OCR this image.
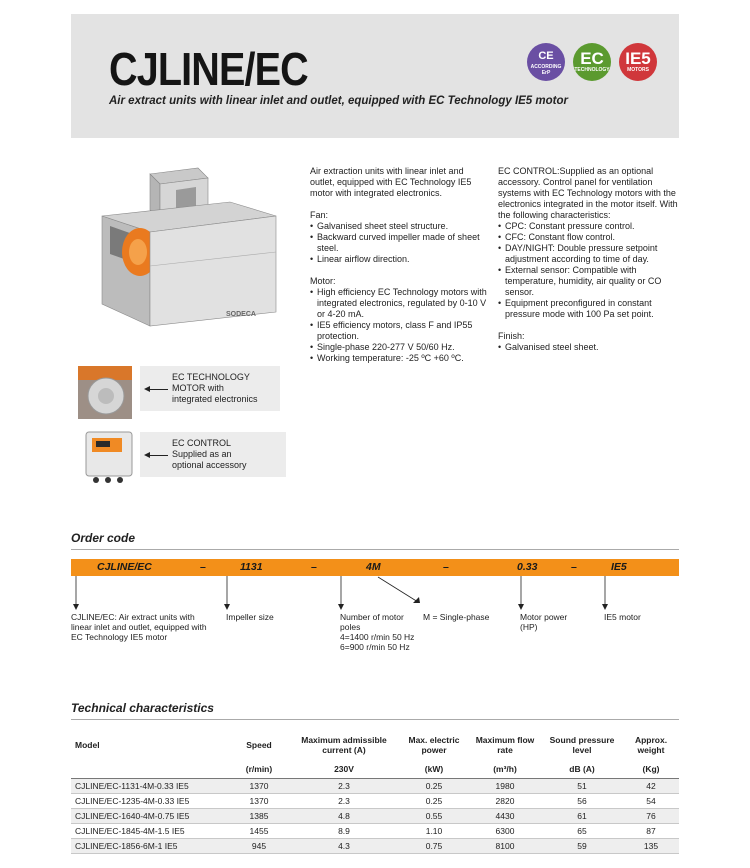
CJLINE/EC
Air extract units with linear inlet and outlet, equipped with EC Technology IE5 motor
CE
ACCORDING
ErP
EC
TECHNOLOGY
IE5
MOTORS
SODECA
EC TECHNOLOGY
MOTOR with
integrated electronics
EC CONTROL
Supplied as an
optional accessory

Air extraction units with linear inlet and outlet, equipped with EC Technology IE5 motor with integrated electronics.

Fan:

• Galvanised sheet steel structure.
• Backward curved impeller made of sheet steel.
• Linear airflow direction.

Motor:

• High efficiency EC Technology motors with integrated electronics, regulated by 0-10 V or 4-20 mA.
• IE5 efficiency motors, class F and IP55 protection.
• Single-phase 220-277 V 50/60 Hz.
• Working temperature: -25 ºC +60 ºC.

EC CONTROL:Supplied as an optional accessory. Control panel for ventilation systems with EC Technology motors with the electronics integrated in the motor itself. With the following characteristics:

• CPC: Constant pressure control.
• CFC: Constant flow control.
• DAY/NIGHT: Double pressure setpoint adjustment according to time of day.
• External sensor: Compatible with temperature, humidity, air quality or CO sensor.
• Equipment preconfigured in constant pressure mode with 100 Pa set point.

Finish:

• Galvanised steel sheet.
Order code
CJLINE/EC	–	1131	–	4M	–	0.33	–	IE5
CJLINE/EC: Air extract units with linear inlet and outlet, equipped with EC Technology IE5 motor
Impeller size	Number of motor poles
4=1400 r/min 50 Hz
6=900 r/min 50 Hz
M = Single-phase	Motor power (HP)
IE5 motor
Technical characteristics
Model	Speed	Maximum admissible current (A)	Max. electric power	Maximum flow rate	Sound pressure level	Approx. weight
	(r/min)	230V	(kW)	(m³/h)	dB (A)	(Kg)
CJLINE/EC-1131-4M-0.33 IE5	1370	2.3	0.25	1980	51	42
CJLINE/EC-1235-4M-0.33 IE5	1370	2.3	0.25	2820	56	54
CJLINE/EC-1640-4M-0.75 IE5	1385	4.8	0.55	4430	61	76
CJLINE/EC-1845-4M-1.5 IE5	1455	8.9	1.10	6300	65	87
CJLINE/EC-1856-6M-1 IE5	945	4.3	0.75	8100	59	135
